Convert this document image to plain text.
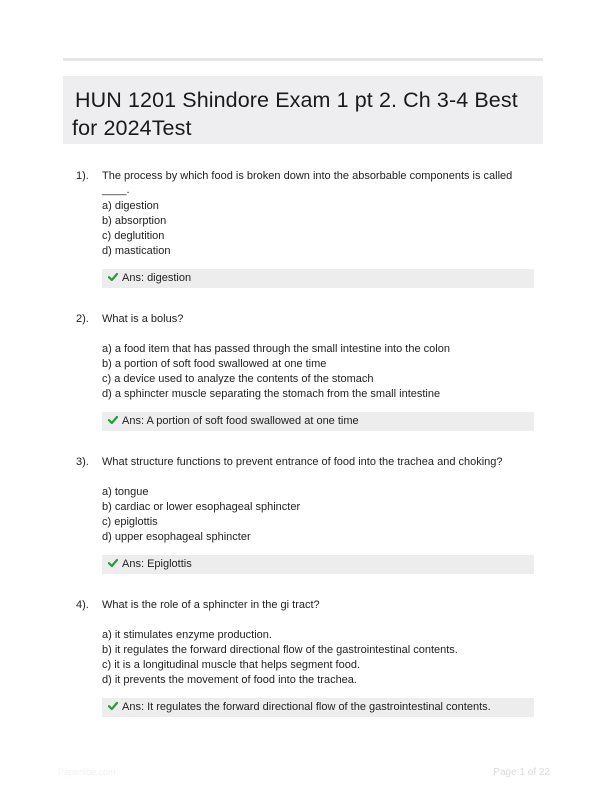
HUN 1201 Shindore Exam 1 pt 2. Ch 3-4 Best for 2024Test
1). The process by which food is broken down into the absorbable components is called ____.
a) digestion
b) absorption
c) deglutition
d) mastication
Ans: digestion
2). What is a bolus?
a) a food item that has passed through the small intestine into the colon
b) a portion of soft food swallowed at one time
c) a device used to analyze the contents of the stomach
d) a sphincter muscle separating the stomach from the small intestine
Ans: A portion of soft food swallowed at one time
3). What structure functions to prevent entrance of food into the trachea and choking?
a) tongue
b) cardiac or lower esophageal sphincter
c) epiglottis
d) upper esophageal sphincter
Ans: Epiglottis
4). What is the role of a sphincter in the gi tract?
a) it stimulates enzyme production.
b) it regulates the forward directional flow of the gastrointestinal contents.
c) it is a longitudinal muscle that helps segment food.
d) it prevents the movement of food into the trachea.
Ans: It regulates the forward directional flow of the gastrointestinal contents.
Paperlibe.com	Page 1 of 22
